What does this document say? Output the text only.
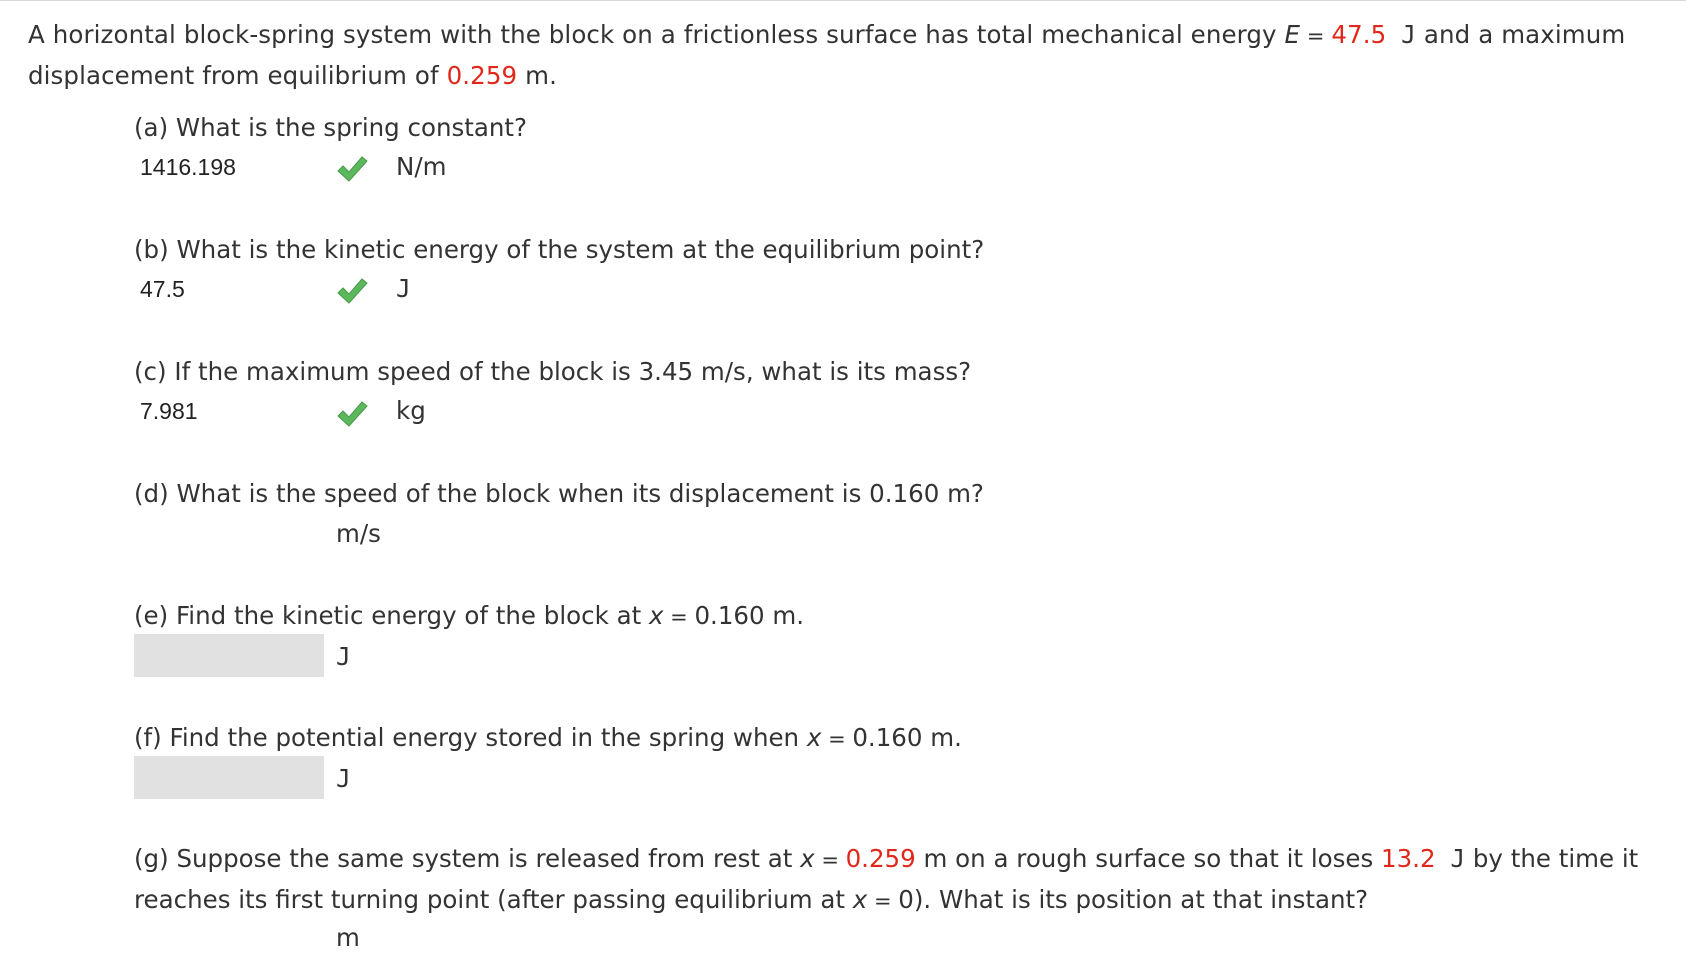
A horizontal block-spring system with the block on a frictionless surface has total mechanical energy E = 47.5 J and a maximum displacement from equilibrium of 0.259 m.
(a) What is the spring constant?
1416.198	N/m
(b) What is the kinetic energy of the system at the equilibrium point?
47.5	J
(c) If the maximum speed of the block is 3.45 m/s, what is its mass?
7.981	kg
(d) What is the speed of the block when its displacement is 0.160 m?
m/s
(e) Find the kinetic energy of the block at x = 0.160 m.
J
(f) Find the potential energy stored in the spring when x = 0.160 m.
J
(g) Suppose the same system is released from rest at x = 0.259 m on a rough surface so that it loses 13.2 J by the time it reaches its first turning point (after passing equilibrium at x = 0). What is its position at that instant?
m
